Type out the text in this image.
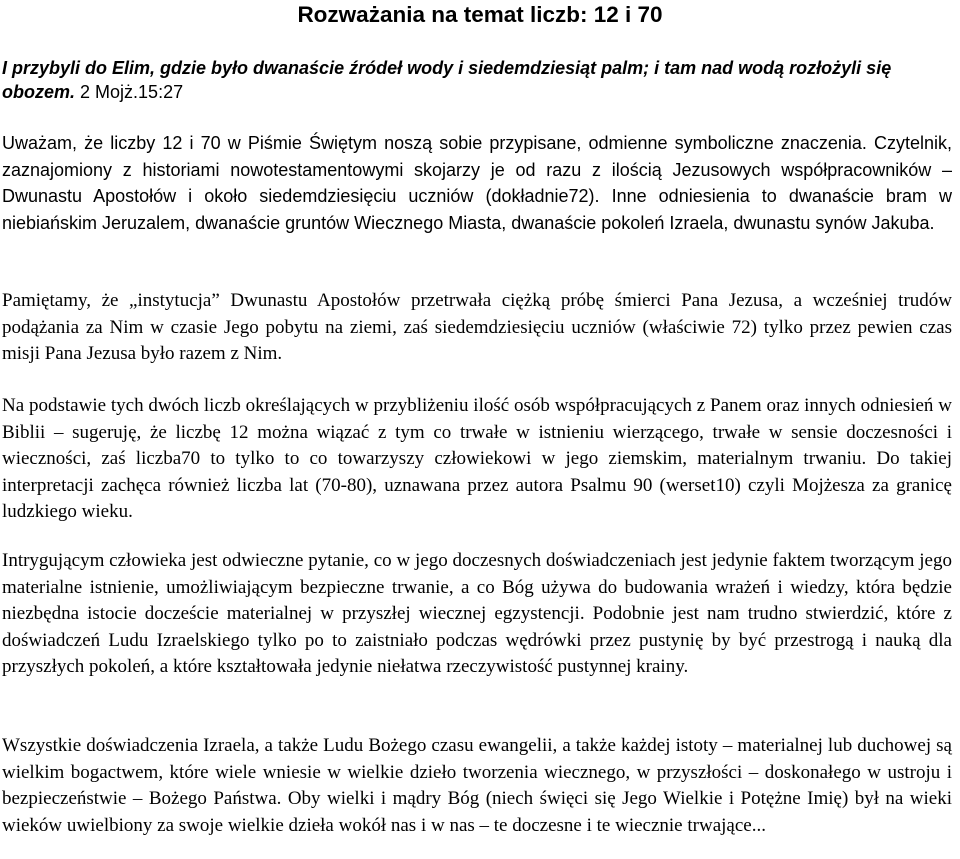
Rozważania na temat liczb: 12 i 70

I przybyli do Elim, gdzie było dwanaście źródeł wody i siedemdziesiąt palm; i tam nad wodą rozłożyli się obozem. 2 Mojż.15:27

Uważam, że liczby 12 i 70 w Piśmie Świętym noszą sobie przypisane, odmienne symboliczne znaczenia. Czytelnik, zaznajomiony z historiami nowotestamentowymi skojarzy je od razu z ilością Jezusowych współpracowników – Dwunastu Apostołów i około siedemdziesięciu uczniów (dokładnie72). Inne odniesienia to dwanaście bram w niebiańskim Jeruzalem, dwanaście gruntów Wiecznego Miasta, dwanaście pokoleń Izraela, dwunastu synów Jakuba.

Pamiętamy, że „instytucja” Dwunastu Apostołów przetrwała ciężką próbę śmierci Pana Jezusa, a wcześniej trudów podążania za Nim w czasie Jego pobytu na ziemi, zaś siedemdziesięciu uczniów (właściwie 72) tylko przez pewien czas misji Pana Jezusa było razem z Nim.

Na podstawie tych dwóch liczb określających w przybliżeniu ilość osób współpracujących z Panem oraz innych odniesień w Biblii – sugeruję, że liczbę 12 można wiązać z tym co trwałe w istnieniu wierzącego, trwałe w sensie doczesności i wieczności, zaś liczba70 to tylko to co towarzyszy człowiekowi w jego ziemskim, materialnym trwaniu. Do takiej interpretacji zachęca również liczba lat (70-80), uznawana przez autora Psalmu 90 (werset10) czyli Mojżesza za granicę ludzkiego wieku.

Intrygującym człowieka jest odwieczne pytanie, co w jego doczesnych doświadczeniach jest jedynie faktem tworzącym jego materialne istnienie, umożliwiającym bezpieczne trwanie, a co Bóg używa do budowania wrażeń i wiedzy, która będzie niezbędna istocie doczeście materialnej w przyszłej wiecznej egzystencji. Podobnie jest nam trudno stwierdzić, które z doświadczeń Ludu Izraelskiego tylko po to zaistniało podczas wędrówki przez pustynię by być przestrogą i nauką dla przyszłych pokoleń, a które kształtowała jedynie niełatwa rzeczywistość pustynnej krainy.

Wszystkie doświadczenia Izraela, a także Ludu Bożego czasu ewangelii, a także każdej istoty – materialnej lub duchowej są wielkim bogactwem, które wiele wniesie w wielkie dzieło tworzenia wiecznego, w przyszłości – doskonałego w ustroju i bezpieczeństwie – Bożego Państwa. Oby wielki i mądry Bóg (niech święci się Jego Wielkie i Potężne Imię) był na wieki wieków uwielbiony za swoje wielkie dzieła wokół nas i w nas – te doczesne i te wiecznie trwające...
